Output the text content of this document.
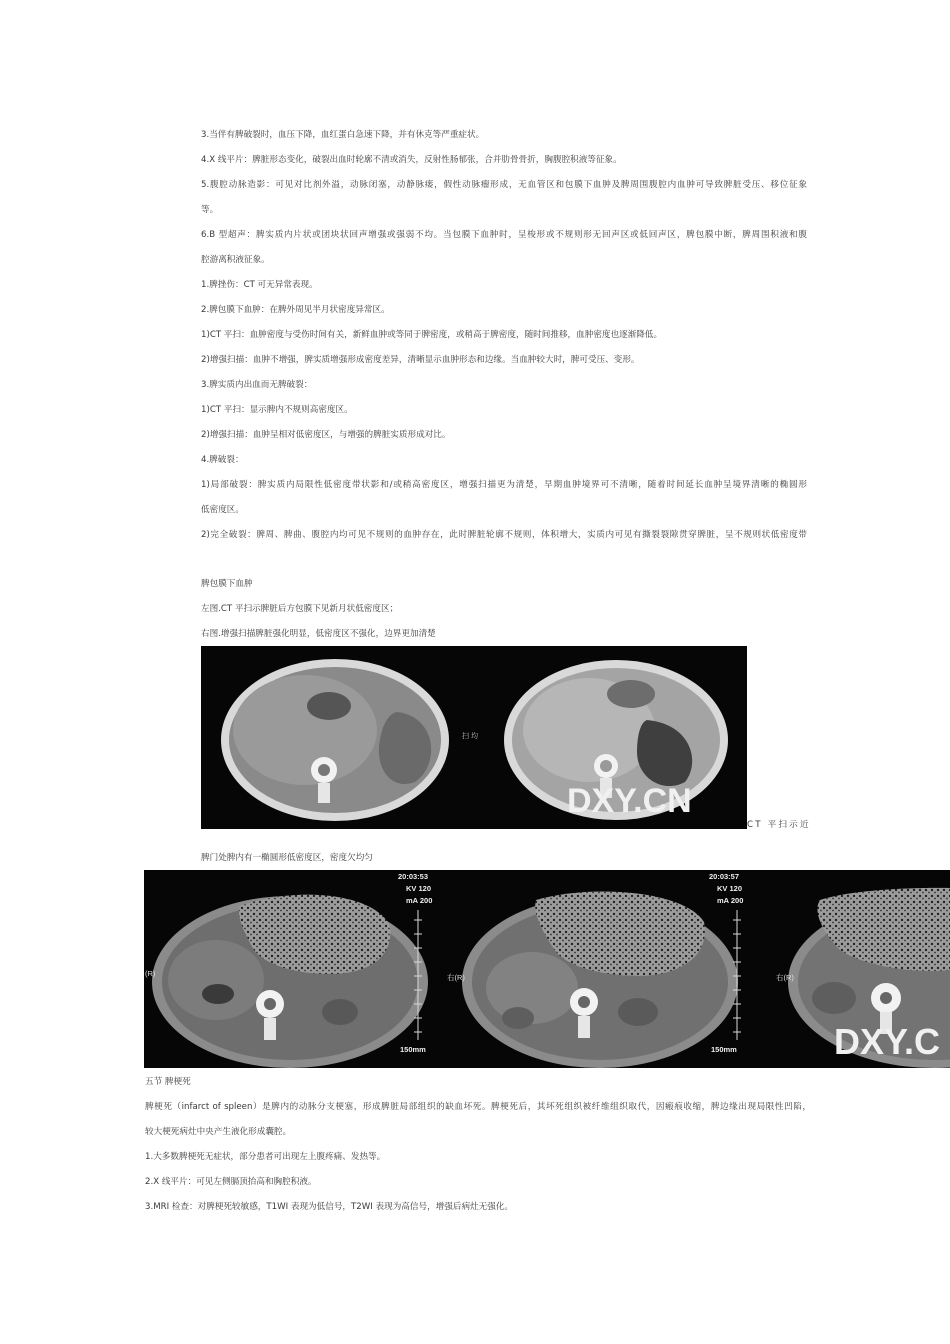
3.当伴有脾破裂时，血压下降，血红蛋白急速下降，并有休克等严重症状。
4.X 线平片：脾脏形态变化，破裂出血时轮廓不清或消失，反射性肠郁张，合并肋骨骨折，胸腹腔积液等征象。
5.腹腔动脉造影：可见对比剂外溢，动脉闭塞，动静脉瘘，假性动脉瘤形成，无血管区和包膜下血肿及脾周围腹腔内血肿可导致脾脏受压、移位征象
等。
6.B 型超声：脾实质内片状或团块状回声增强或强弱不均。当包膜下血肿时，呈梭形或不规则形无回声区或低回声区，脾包膜中断，脾周围积液和腹
腔游离积液征象。
1.脾挫伤：CT 可无异常表现。
2.脾包膜下血肿：在脾外周见半月状密度异常区。
1)CT 平扫：血肿密度与受伤时间有关，新鲜血肿或等同于脾密度，或稍高于脾密度，随时间推移，血肿密度也逐渐降低。
2)增强扫描：血肿不增强，脾实质增强形成密度差异，清晰显示血肿形态和边缘。当血肿较大时，脾可受压、变形。
3.脾实质内出血而无脾破裂：
1)CT 平扫：显示脾内不规则高密度区。
2)增强扫描：血肿呈相对低密度区，与增强的脾脏实质形成对比。
4.脾破裂：
1)局部破裂：脾实质内局限性低密度带状影和/或稍高密度区，增强扫描更为清楚，早期血肿境界可不清晰，随着时间延长血肿呈境界清晰的椭圆形
低密度区。
2)完全破裂：脾周、脾曲、腹腔内均可见不规则的血肿存在，此时脾脏轮廓不规则，体积增大，实质内可见有撕裂裂隙贯穿脾脏，呈不规则状低密度带
脾包膜下血肿
左图.CT 平扫示脾脏后方包膜下见新月状低密度区；
右图.增强扫描脾脏强化明显，低密度区不强化，边界更加清楚
扫 均
DXY.CN
CT 平扫示近
脾门处脾内有一椭圆形低密度区，密度欠均匀
20:03:53
KV 120
mA 200
(R)
150mm
20:03:57
KV 120
mA 200
右(R)
150mm
右(R)
DXY.C
五节 脾梗死
脾梗死（infarct of spleen）是脾内的动脉分支梗塞，形成脾脏局部组织的缺血坏死。脾梗死后，其坏死组织被纤维组织取代，因瘢痕收缩，脾边缘出现局限性凹陷，
较大梗死病灶中央产生液化形成囊腔。
1.大多数脾梗死无症状，部分患者可出现左上腹疼痛、发热等。
2.X 线平片：可见左侧膈顶抬高和胸腔积液。
3.MRI 检查：对脾梗死较敏感，T1WI 表现为低信号，T2WI 表现为高信号，增强后病灶无强化。
